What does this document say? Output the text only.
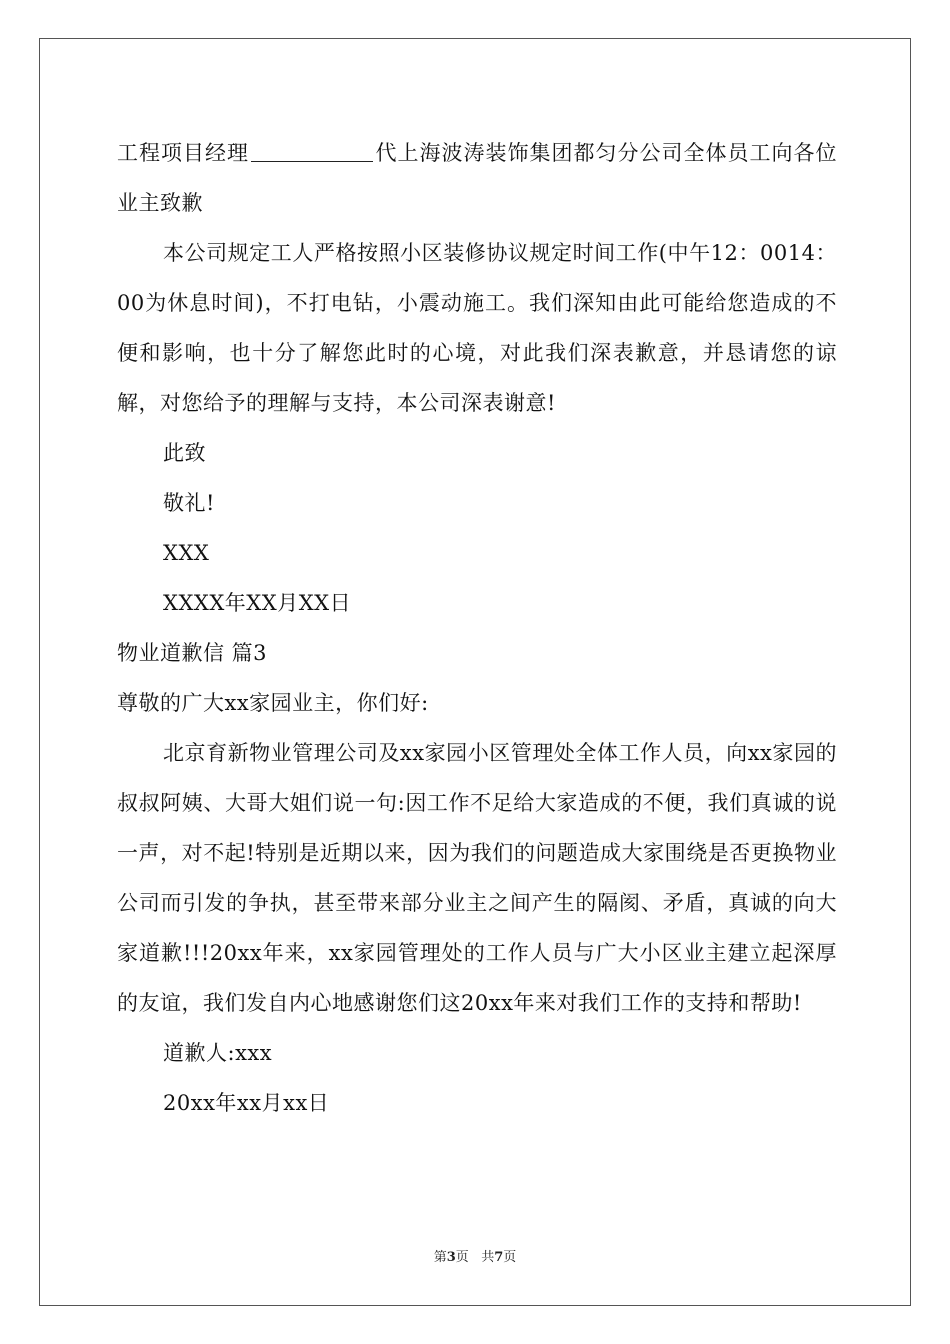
工程项目经理	代上海波涛装饰集团都匀分公司全体员工向各位业主致歉

本公司规定工人严格按照小区装修协议规定时间工作(中午12：0014：00为休息时间)，不打电钻，小震动施工。我们深知由此可能给您造成的不便和影响，也十分了解您此时的心境，对此我们深表歉意，并恳请您的谅解，对您给予的理解与支持，本公司深表谢意!

此致

敬礼!

XXX

XXXX年XX月XX日

物业道歉信 篇3

尊敬的广大xx家园业主，你们好:

北京育新物业管理公司及xx家园小区管理处全体工作人员，向xx家园的叔叔阿姨、大哥大姐们说一句:因工作不足给大家造成的不便，我们真诚的说一声，对不起!特别是近期以来，因为我们的问题造成大家围绕是否更换物业公司而引发的争执，甚至带来部分业主之间产生的隔阂、矛盾，真诚的向大家道歉!!!20xx年来，xx家园管理处的工作人员与广大小区业主建立起深厚的友谊，我们发自内心地感谢您们这20xx年来对我们工作的支持和帮助!

道歉人:xxx

20xx年xx月xx日

第3页 共7页
